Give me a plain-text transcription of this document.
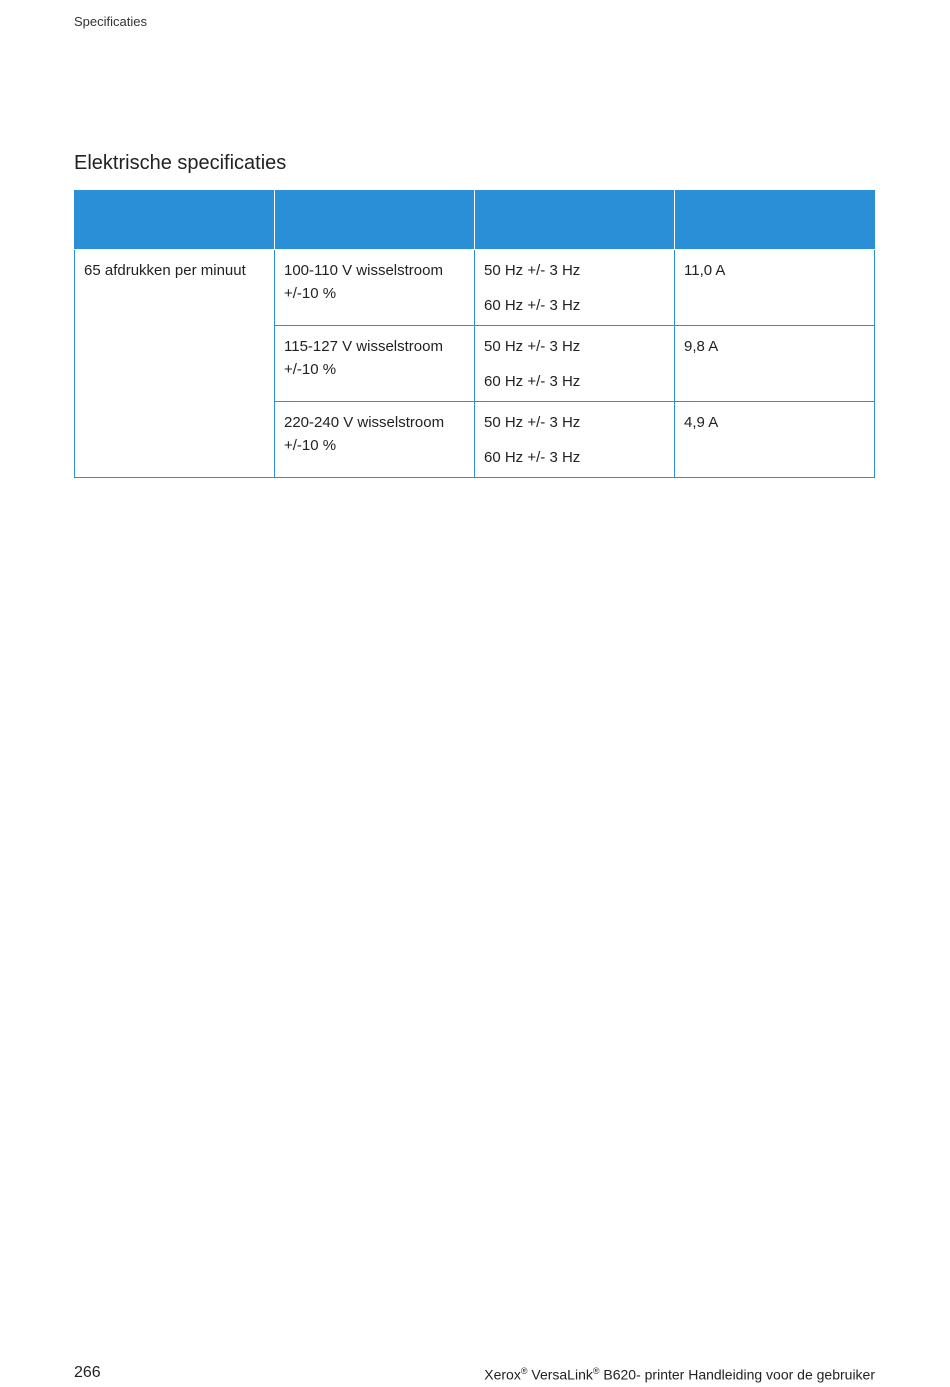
Specificaties
Elektrische specificaties

65 afdrukken per minuut	100-110 V wisselstroom +/-10 %	50 Hz +/- 3 Hz
60 Hz +/- 3 Hz	11,0 A
	115-127 V wisselstroom +/-10 %	50 Hz +/- 3 Hz
60 Hz +/- 3 Hz	9,8 A
	220-240 V wisselstroom +/-10 %	50 Hz +/- 3 Hz
60 Hz +/- 3 Hz	4,9 A
266	Xerox® VersaLink® B620- printer Handleiding voor de gebruiker
